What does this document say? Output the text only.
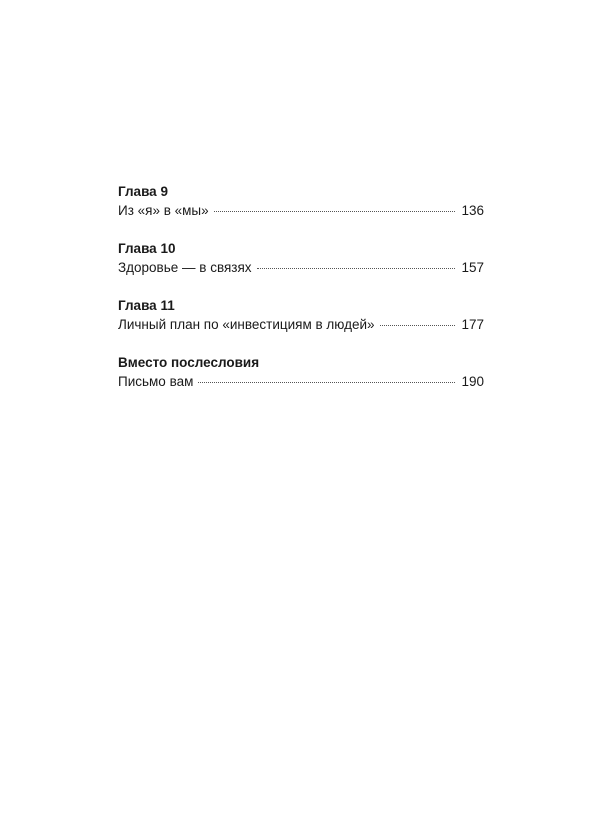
Глава 9
Из «я» в «мы»	136
Глава 10
Здоровье — в связях	157
Глава 11
Личный план по «инвестициям в людей»	177
Вместо послесловия
Письмо вам	190
